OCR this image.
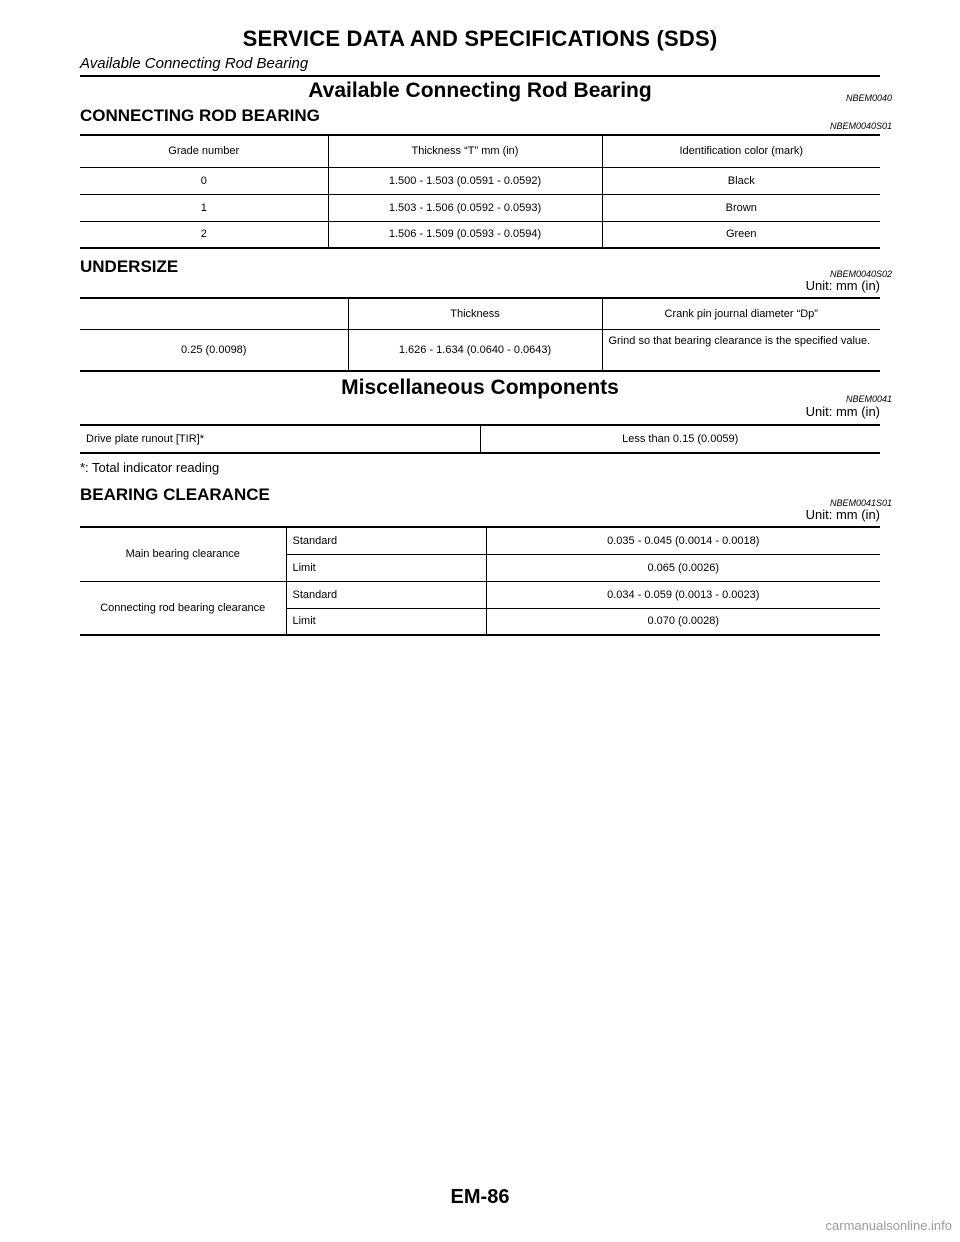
SERVICE DATA AND SPECIFICATIONS (SDS)
Available Connecting Rod Bearing
Available Connecting Rod Bearing	NBEM0040
CONNECTING ROD BEARING
NBEM0040S01
Grade number	Thickness “T” mm (in)	Identification color (mark)
0	1.500 - 1.503 (0.0591 - 0.0592)	Black
1	1.503 - 1.506 (0.0592 - 0.0593)	Brown
2	1.506 - 1.509 (0.0593 - 0.0594)	Green
UNDERSIZE	NBEM0040S02
Unit: mm (in)
	Thickness	Crank pin journal diameter “Dp”
0.25 (0.0098)	1.626 - 1.634 (0.0640 - 0.0643)	Grind so that bearing clearance is the specified value.
Miscellaneous Components	NBEM0041
Unit: mm (in)
Drive plate runout [TIR]*	Less than 0.15 (0.0059)
*: Total indicator reading
BEARING CLEARANCE	NBEM0041S01
Unit: mm (in)
Main bearing clearance	Standard	0.035 - 0.045 (0.0014 - 0.0018)
	Limit	0.065 (0.0026)
Connecting rod bearing clearance	Standard	0.034 - 0.059 (0.0013 - 0.0023)
	Limit	0.070 (0.0028)
EM-86
carmanualsonline.info
